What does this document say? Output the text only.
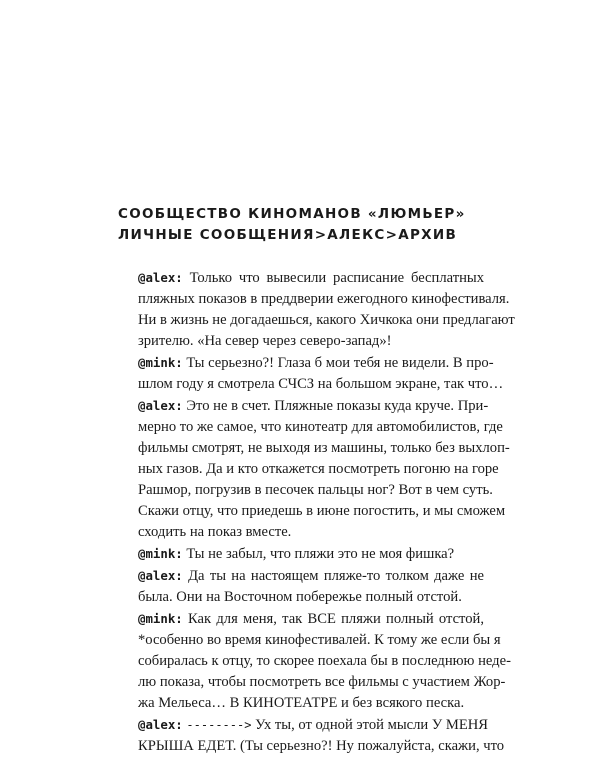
СООБЩЕСТВО КИНОМАНОВ «ЛЮМЬЕР»
ЛИЧНЫЕ СООБЩЕНИЯ>АЛЕКС>АРХИВ

@alex: Только что вывесили расписание бесплатных
пляжных показов в преддверии ежегодного кинофестиваля.
Ни в жизнь не догадаешься, какого Хичкока они предлагают
зрителю. «На север через северо-запад»!

@mink: Ты серьезно?! Глаза б мои тебя не видели. В про-
шлом году я смотрела СЧСЗ на большом экране, так что…

@alex: Это не в счет. Пляжные показы куда круче. При-
мерно то же самое, что кинотеатр для автомобилистов, где
фильмы смотрят, не выходя из машины, только без выхлоп-
ных газов. Да и кто откажется посмотреть погоню на горе
Рашмор, погрузив в песочек пальцы ног? Вот в чем суть.
Скажи отцу, что приедешь в июне погостить, и мы сможем
сходить на показ вместе.

@mink: Ты не забыл, что пляжи это не моя фишка?

@alex: Да ты на настоящем пляже-то толком даже не
была. Они на Восточном побережье полный отстой.

@mink: Как для меня, так ВСЕ пляжи полный отстой,
*особенно во время кинофестивалей. К тому же если бы я
собиралась к отцу, то скорее поехала бы в последнюю неде-
лю показа, чтобы посмотреть все фильмы с участием Жор-
жа Мельеса… В КИНОТЕАТРЕ и без всякого песка.

@alex: --------> Ух ты, от одной этой мысли У МЕНЯ
КРЫША ЕДЕТ. (Ты серьезно?! Ну пожалуйста, скажи, что
